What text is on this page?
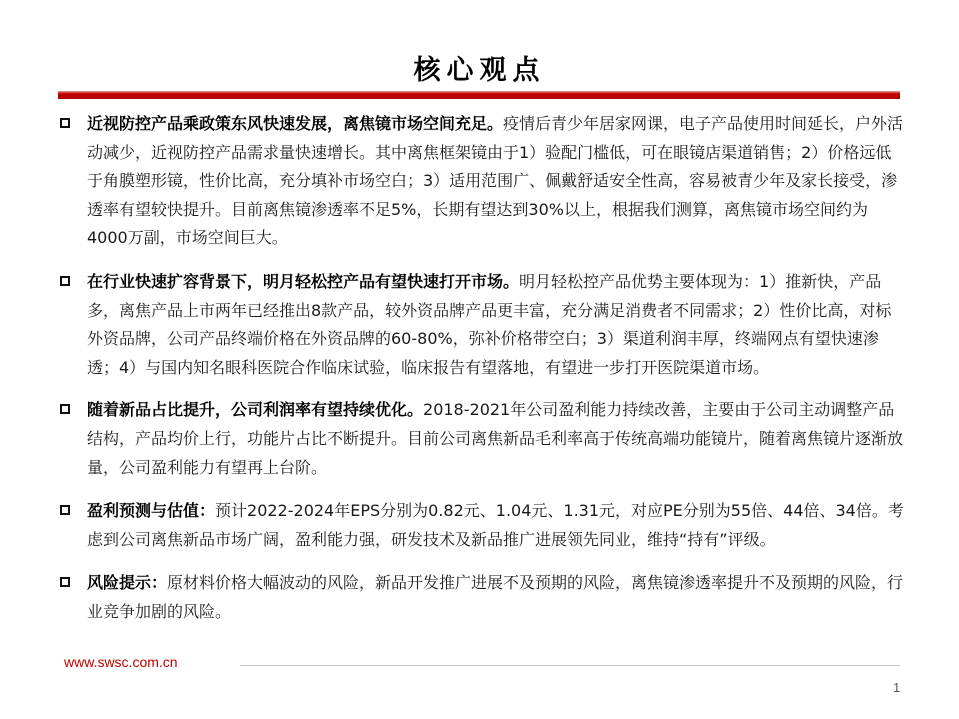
核心观点
近视防控产品乘政策东风快速发展，离焦镜市场空间充足。疫情后青少年居家网课，电子产品使用时间延长，户外活动减少，近视防控产品需求量快速增长。其中离焦框架镜由于1）验配门槛低，可在眼镜店渠道销售；2）价格远低于角膜塑形镜，性价比高，充分填补市场空白；3）适用范围广、佩戴舒适安全性高，容易被青少年及家长接受，渗透率有望较快提升。目前离焦镜渗透率不足5%，长期有望达到30%以上，根据我们测算，离焦镜市场空间约为4000万副，市场空间巨大。
在行业快速扩容背景下，明月轻松控产品有望快速打开市场。明月轻松控产品优势主要体现为：1）推新快，产品多，离焦产品上市两年已经推出8款产品，较外资品牌产品更丰富，充分满足消费者不同需求；2）性价比高，对标外资品牌，公司产品终端价格在外资品牌的60-80%，弥补价格带空白；3）渠道利润丰厚，终端网点有望快速渗透；4）与国内知名眼科医院合作临床试验，临床报告有望落地，有望进一步打开医院渠道市场。
随着新品占比提升，公司利润率有望持续优化。2018-2021年公司盈利能力持续改善，主要由于公司主动调整产品结构，产品均价上行，功能片占比不断提升。目前公司离焦新品毛利率高于传统高端功能镜片，随着离焦镜片逐渐放量，公司盈利能力有望再上台阶。
盈利预测与估值：预计2022-2024年EPS分别为0.82元、1.04元、1.31元，对应PE分别为55倍、44倍、34倍。考虑到公司离焦新品市场广阔，盈利能力强，研发技术及新品推广进展领先同业，维持“持有”评级。
风险提示：原材料价格大幅波动的风险，新品开发推广进展不及预期的风险，离焦镜渗透率提升不及预期的风险，行业竞争加剧的风险。
www.swsc.com.cn
1
